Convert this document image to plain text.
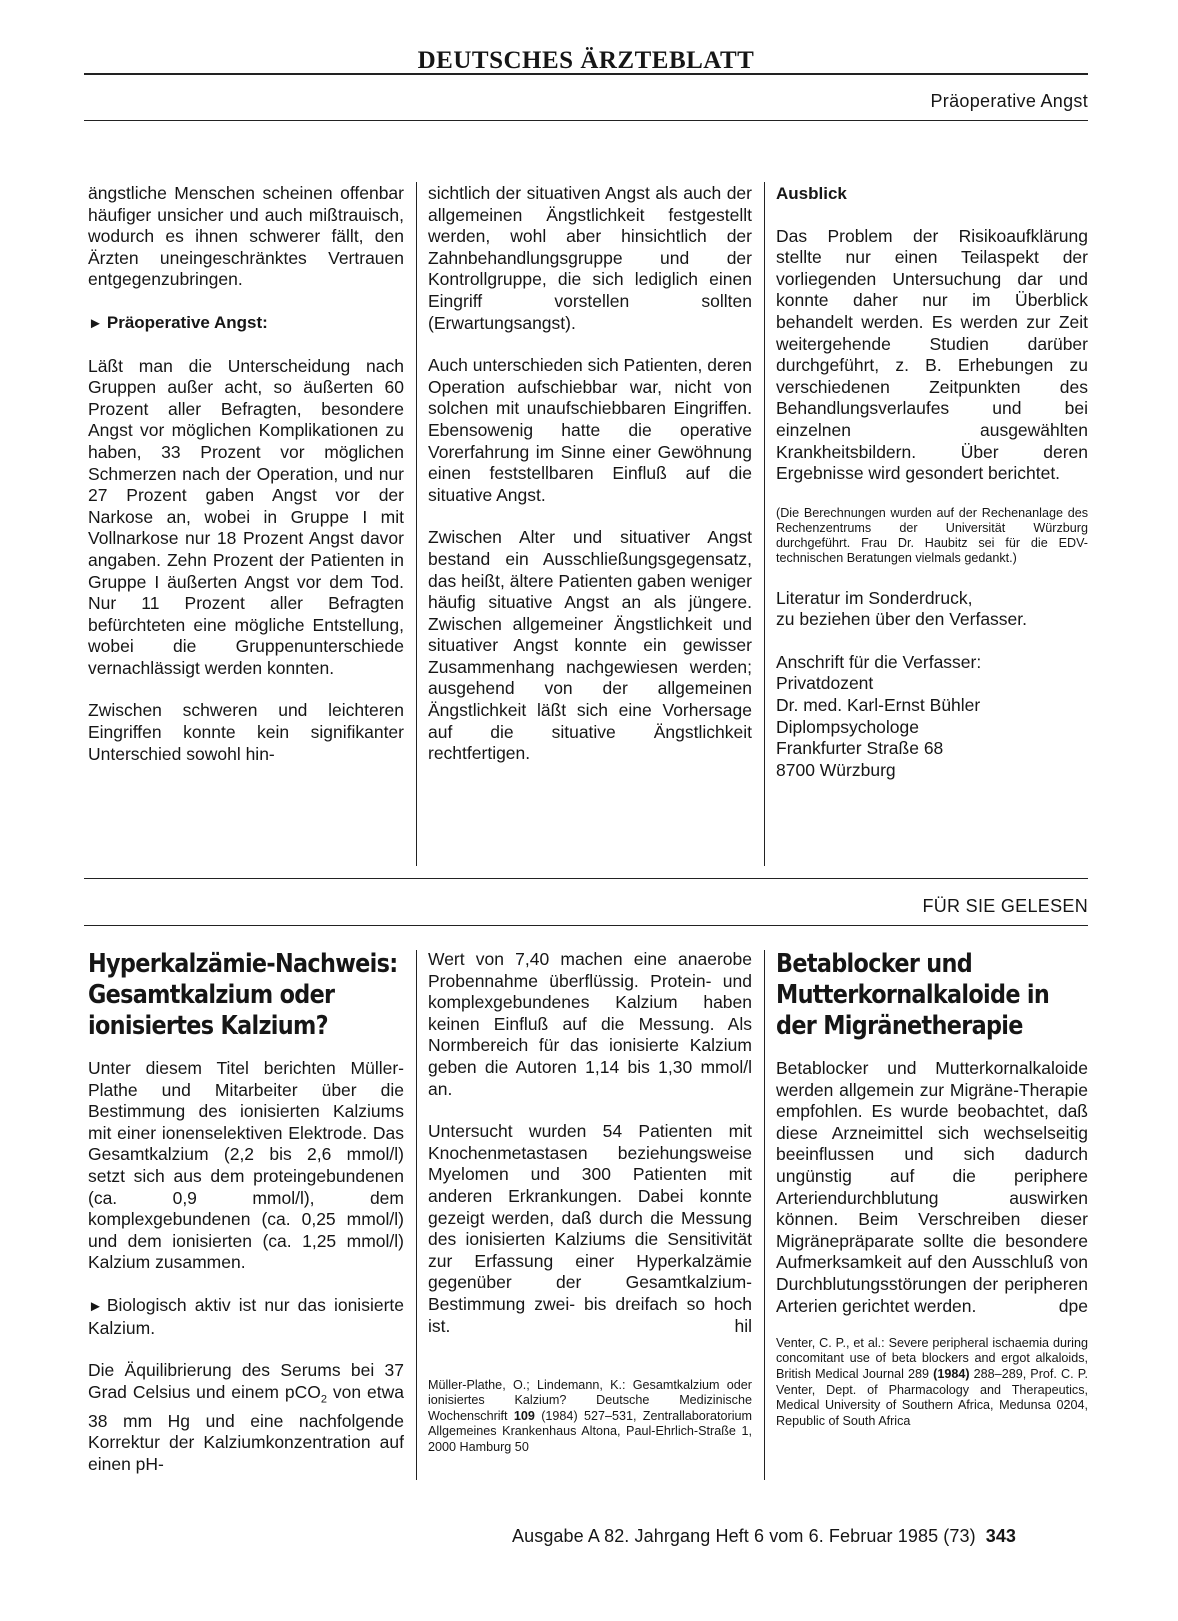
DEUTSCHES ÄRZTEBLATT
Präoperative Angst

ängstliche Menschen scheinen offenbar häufiger unsicher und auch mißtrauisch, wodurch es ihnen schwerer fällt, den Ärzten uneingeschränktes Vertrauen entgegenzubringen.

► Präoperative Angst:

Läßt man die Unterscheidung nach Gruppen außer acht, so äußerten 60 Prozent aller Befragten, besondere Angst vor möglichen Komplikationen zu haben, 33 Prozent vor möglichen Schmerzen nach der Operation, und nur 27 Prozent gaben Angst vor der Narkose an, wobei in Gruppe I mit Vollnarkose nur 18 Prozent Angst davor angaben. Zehn Prozent der Patienten in Gruppe I äußerten Angst vor dem Tod. Nur 11 Prozent aller Befragten befürchteten eine mögliche Entstellung, wobei die Gruppenunterschiede vernachlässigt werden konnten.

Zwischen schweren und leichteren Eingriffen konnte kein signifikanter Unterschied sowohl hin-

sichtlich der situativen Angst als auch der allgemeinen Ängstlichkeit festgestellt werden, wohl aber hinsichtlich der Zahnbehandlungsgruppe und der Kontrollgruppe, die sich lediglich einen Eingriff vorstellen sollten (Erwartungsangst).

Auch unterschieden sich Patienten, deren Operation aufschiebbar war, nicht von solchen mit unaufschiebbaren Eingriffen. Ebensowenig hatte die operative Vorerfahrung im Sinne einer Gewöhnung einen feststellbaren Einfluß auf die situative Angst.

Zwischen Alter und situativer Angst bestand ein Ausschließungsgegensatz, das heißt, ältere Patienten gaben weniger häufig situative Angst an als jüngere. Zwischen allgemeiner Ängstlichkeit und situativer Angst konnte ein gewisser Zusammenhang nachgewiesen werden; ausgehend von der allgemeinen Ängstlichkeit läßt sich eine Vorhersage auf die situative Ängstlichkeit rechtfertigen.

Ausblick

Das Problem der Risikoaufklärung stellte nur einen Teilaspekt der vorliegenden Untersuchung dar und konnte daher nur im Überblick behandelt werden. Es werden zur Zeit weitergehende Studien darüber durchgeführt, z. B. Erhebungen zu verschiedenen Zeitpunkten des Behandlungsverlaufes und bei einzelnen ausgewählten Krankheitsbildern. Über deren Ergebnisse wird gesondert berichtet.

(Die Berechnungen wurden auf der Rechenanlage des Rechenzentrums der Universität Würzburg durchgeführt. Frau Dr. Haubitz sei für die EDV-technischen Beratungen vielmals gedankt.)

Literatur im Sonderdruck,
zu beziehen über den Verfasser.

Anschrift für die Verfasser:

Privatdozent

Dr. med. Karl-Ernst Bühler

Diplompsychologe

Frankfurter Straße 68

8700 Würzburg

FÜR SIE GELESEN
Hyperkalzämie-Nachweis: Gesamtkalzium oder ionisiertes Kalzium?

Unter diesem Titel berichten Müller-Plathe und Mitarbeiter über die Bestimmung des ionisierten Kalziums mit einer ionenselektiven Elektrode. Das Gesamtkalzium (2,2 bis 2,6 mmol/l) setzt sich aus dem proteingebundenen (ca. 0,9 mmol/l), dem komplexgebundenen (ca. 0,25 mmol/l) und dem ionisierten (ca. 1,25 mmol/l) Kalzium zusammen.

► Biologisch aktiv ist nur das ionisierte Kalzium.

Die Äquilibrierung des Serums bei 37 Grad Celsius und einem pCO$_2$ von etwa 38 mm Hg und eine nachfolgende Korrektur der Kalziumkonzentration auf einen pH-

Wert von 7,40 machen eine anaerobe Probennahme überflüssig. Protein- und komplexgebundenes Kalzium haben keinen Einfluß auf die Messung. Als Normbereich für das ionisierte Kalzium geben die Autoren 1,14 bis 1,30 mmol/l an.

Untersucht wurden 54 Patienten mit Knochenmetastasen beziehungsweise Myelomen und 300 Patienten mit anderen Erkrankungen. Dabei konnte gezeigt werden, daß durch die Messung des ionisierten Kalziums die Sensitivität zur Erfassung einer Hyperkalzämie gegenüber der Gesamtkalzium-Bestimmung zwei- bis dreifach so hoch ist.	hil
Müller-Plathe, O.; Lindemann, K.: Gesamtkalzium oder ionisiertes Kalzium? Deutsche Medizinische Wochenschrift 109 (1984) 527–531, Zentrallaboratorium Allgemeines Krankenhaus Altona, Paul-Ehrlich-Straße 1, 2000 Hamburg 50
Betablocker und Mutterkornalkaloide in der Migränetherapie

Betablocker und Mutterkornalkaloide werden allgemein zur Migräne-Therapie empfohlen. Es wurde beobachtet, daß diese Arzneimittel sich wechselseitig beeinflussen und sich dadurch ungünstig auf die periphere Arteriendurchblutung auswirken können. Beim Verschreiben dieser Migränepräparate sollte die besondere Aufmerksamkeit auf den Ausschluß von Durchblutungsstörungen der peripheren Arterien gerichtet werden.	dpe
Venter, C. P., et al.: Severe peripheral ischaemia during concomitant use of beta blockers and ergot alkaloids, British Medical Journal 289 (1984) 288–289, Prof. C. P. Venter, Dept. of Pharmacology and Therapeutics, Medical University of Southern Africa, Medunsa 0204, Republic of South Africa
Ausgabe A 82. Jahrgang Heft 6 vom 6. Februar 1985 (73) 343
